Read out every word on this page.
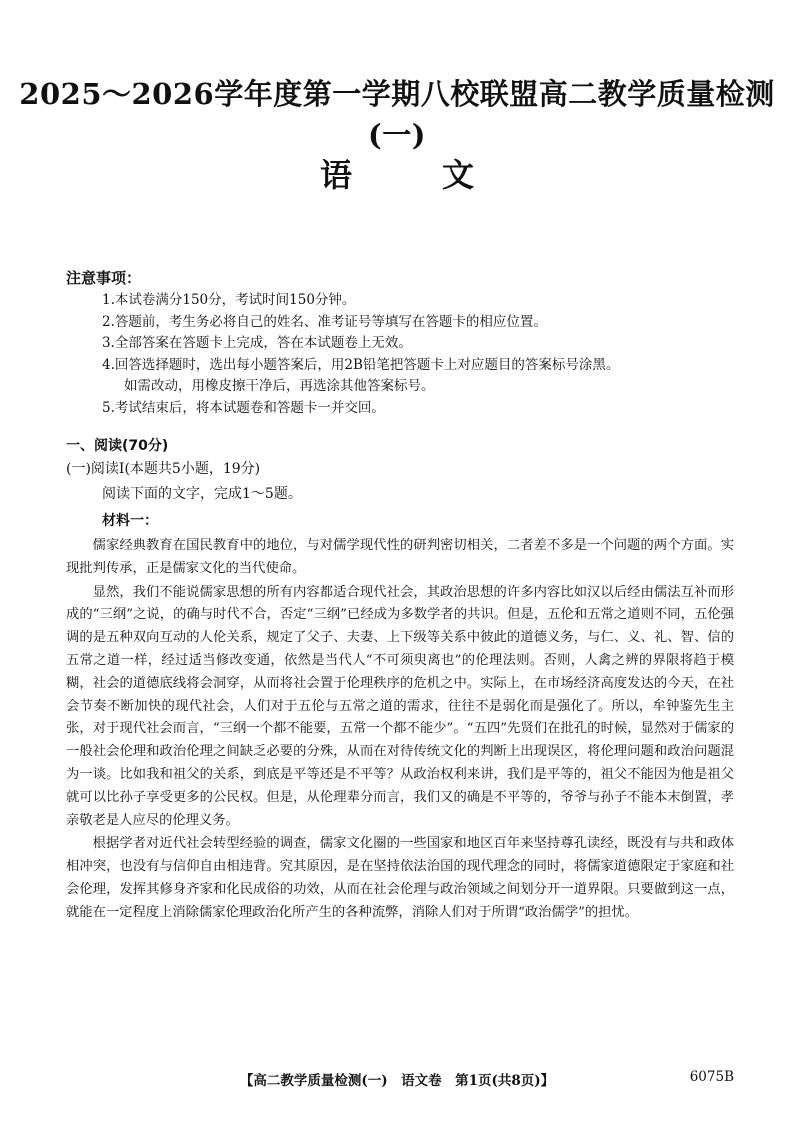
2025～2026学年度第一学期八校联盟高二教学质量检测(一)
语文
注意事项：
1.本试卷满分150分，考试时间150分钟。
2.答题前，考生务必将自己的姓名、准考证号等填写在答题卡的相应位置。
3.全部答案在答题卡上完成，答在本试题卷上无效。
4.回答选择题时，选出每小题答案后，用2B铅笔把答题卡上对应题目的答案标号涂黑。
如需改动，用橡皮擦干净后，再选涂其他答案标号。
5.考试结束后，将本试题卷和答题卡一并交回。
一、阅读(70分)
(一)阅读Ⅰ(本题共5小题，19分)
阅读下面的文字，完成1～5题。
材料一：

儒家经典教育在国民教育中的地位，与对儒学现代性的研判密切相关，二者差不多是一个问题的两个方面。实现批判传承，正是儒家文化的当代使命。

显然，我们不能说儒家思想的所有内容都适合现代社会，其政治思想的许多内容比如汉以后经由儒法互补而形成的“三纲”之说，的确与时代不合，否定“三纲”已经成为多数学者的共识。但是，五伦和五常之道则不同，五伦强调的是五种双向互动的人伦关系，规定了父子、夫妻、上下级等关系中彼此的道德义务，与仁、义、礼、智、信的五常之道一样，经过适当修改变通，依然是当代人“不可须臾离也”的伦理法则。否则，人禽之辨的界限将趋于模糊，社会的道德底线将会洞穿，从而将社会置于伦理秩序的危机之中。实际上，在市场经济高度发达的今天，在社会节奏不断加快的现代社会，人们对于五伦与五常之道的需求，往往不是弱化而是强化了。所以，牟钟鉴先生主张，对于现代社会而言，“三纲一个都不能要，五常一个都不能少”。“五四”先贤们在批孔的时候，显然对于儒家的一般社会伦理和政治伦理之间缺乏必要的分殊，从而在对待传统文化的判断上出现误区，将伦理问题和政治问题混为一谈。比如我和祖父的关系，到底是平等还是不平等？从政治权利来讲，我们是平等的，祖父不能因为他是祖父就可以比孙子享受更多的公民权。但是，从伦理辈分而言，我们又的确是不平等的，爷爷与孙子不能本末倒置，孝亲敬老是人应尽的伦理义务。

根据学者对近代社会转型经验的调查，儒家文化圈的一些国家和地区百年来坚持尊孔读经，既没有与共和政体相冲突，也没有与信仰自由相违背。究其原因，是在坚持依法治国的现代理念的同时，将儒家道德限定于家庭和社会伦理，发挥其修身齐家和化民成俗的功效，从而在社会伦理与政治领域之间划分开一道界限。只要做到这一点，就能在一定程度上消除儒家伦理政治化所产生的各种流弊，消除人们对于所谓“政治儒学”的担忧。

【高二教学质量检测(一)　语文卷　第1页(共8页)】	6075B
